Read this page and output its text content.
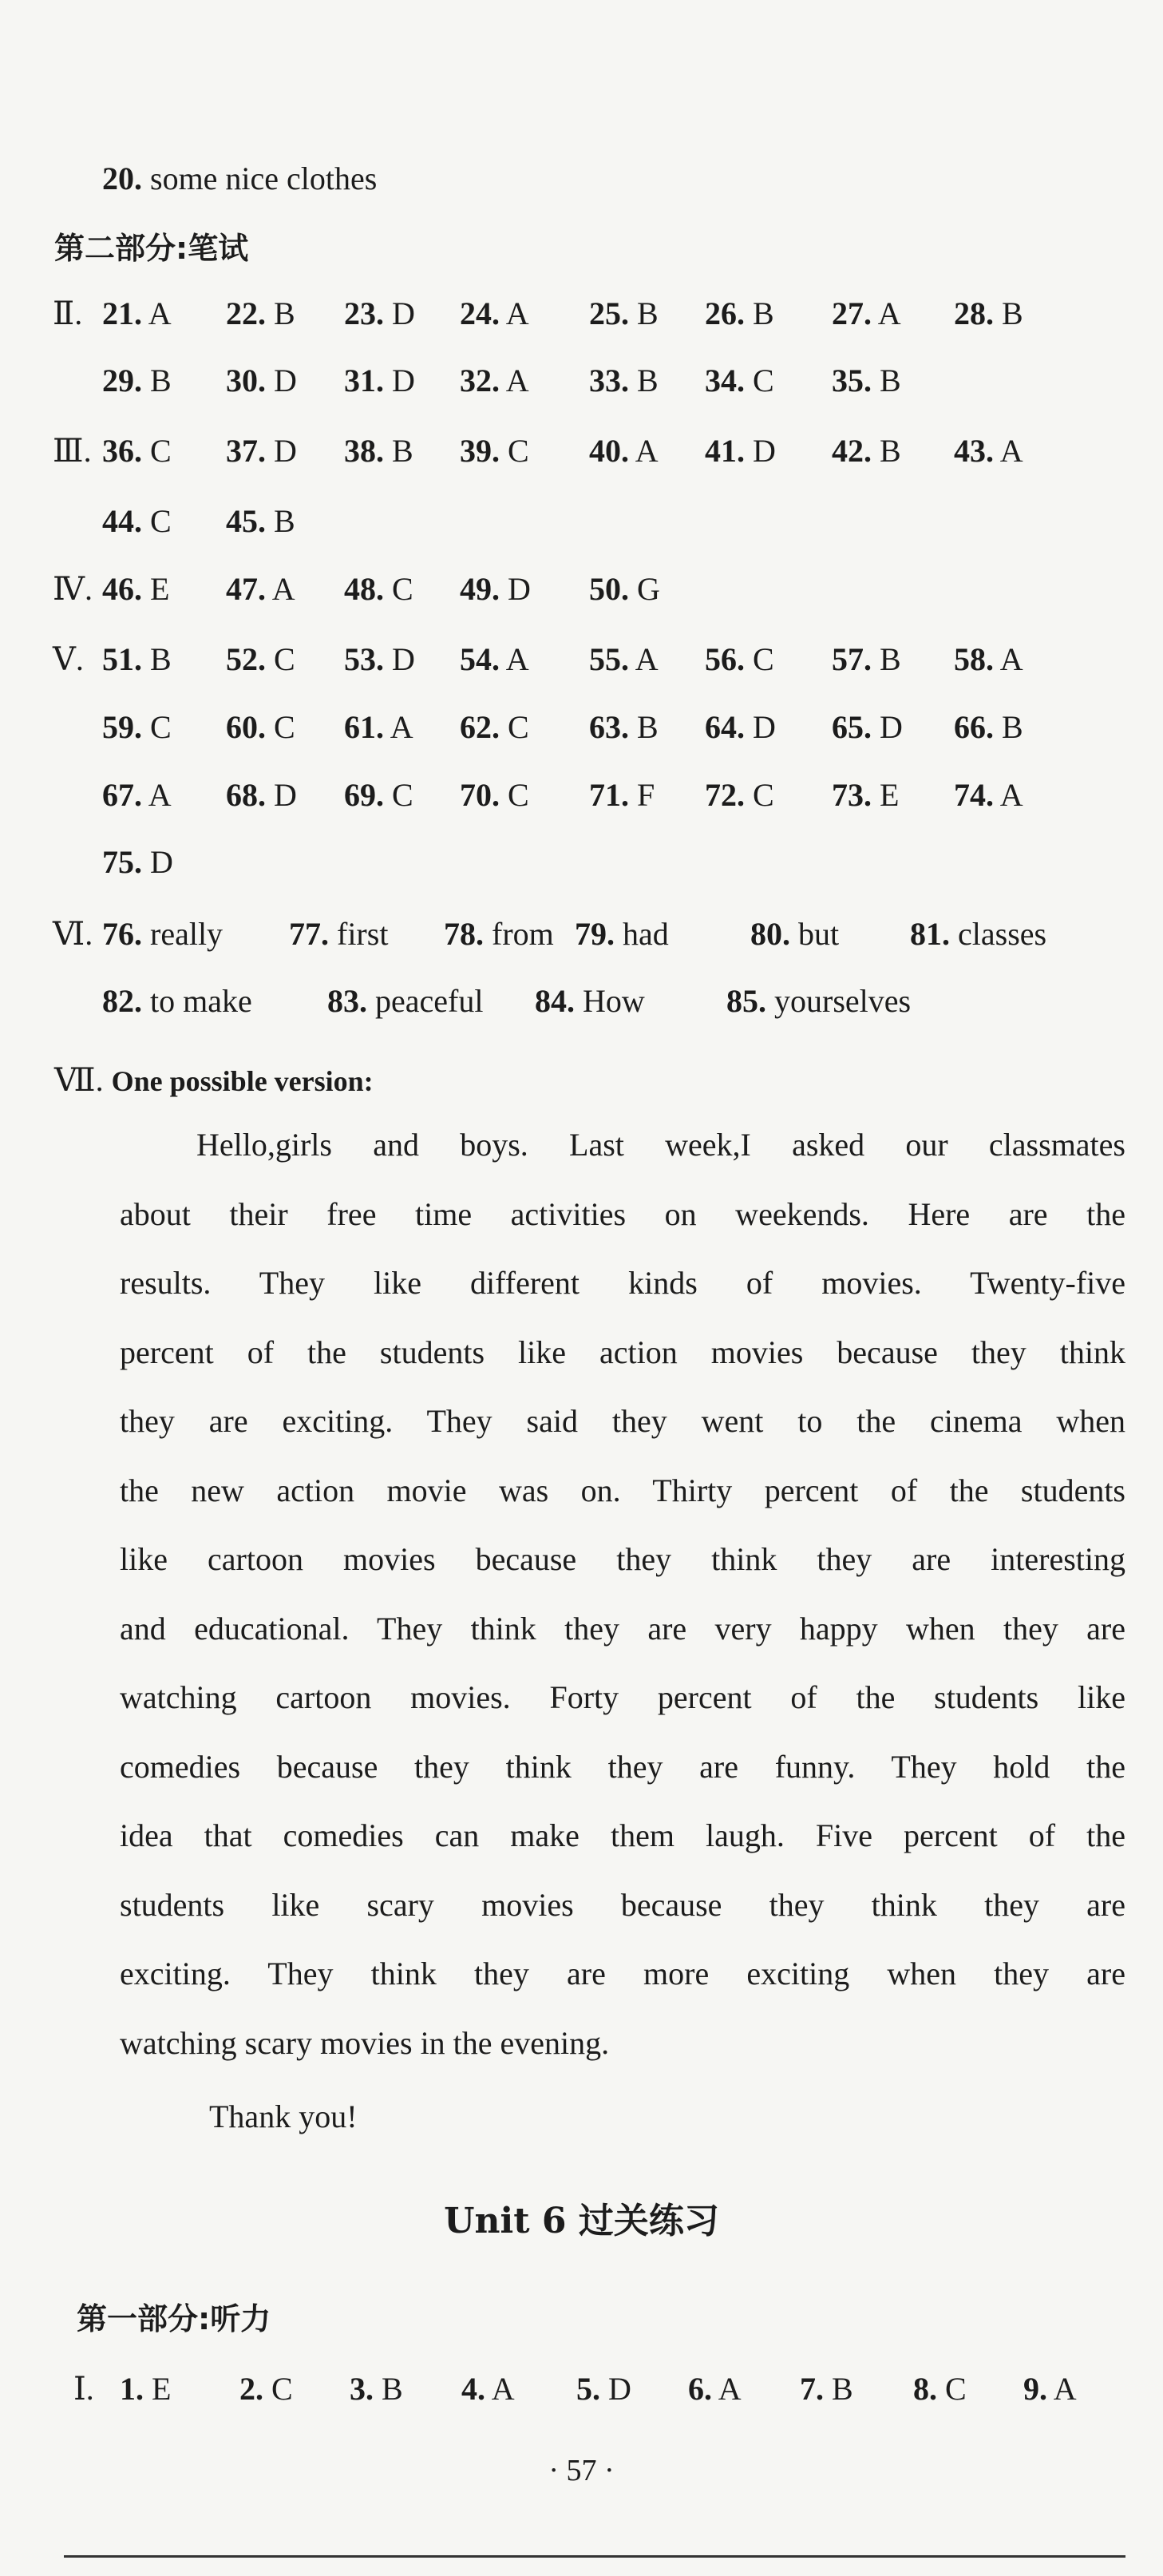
20. some nice clothes
第二部分:笔试
Ⅱ. 21. A 22. B 23. D 24. A 25. B 26. B 27. A 28. B
29. B 30. D 31. D 32. A 33. B 34. C 35. B
Ⅲ. 36. C 37. D 38. B 39. C 40. A 41. D 42. B 43. A
44. C 45. B
Ⅳ. 46. E 47. A 48. C 49. D 50. G
Ⅴ. 51. B 52. C 53. D 54. A 55. A 56. C 57. B 58. A
59. C 60. C 61. A 62. C 63. B 64. D 65. D 66. B
67. A 68. D 69. C 70. C 71. F 72. C 73. E 74. A
75. D
Ⅵ. 76. really 77. first 78. from 79. had	80. but 81. classes
82. to make 83. peaceful 84. How	85. yourselves
Ⅶ. One possible version:
Hello,girls and boys. Last week,I asked our classmates
about their free time activities on weekends. Here are the
results. They like different kinds of movies. Twenty-five
percent of the students like action movies because they think
they are exciting. They said they went to the cinema when
the new action movie was on. Thirty percent of the students
like cartoon movies because they think they are interesting
and educational. They think they are very happy when they are
watching cartoon movies. Forty percent of the students like
comedies because they think they are funny. They hold the
idea that comedies can make them laugh. Five percent of the
students like scary movies because they think they are
exciting. They think they are more exciting when they are
watching scary movies in the evening.
Thank you!
Unit 6 过关练习
第一部分:听力
Ⅰ. 1. E 2. C 3. B 4. A 5. D 6. A 7. B 8. C 9. A
· 57 ·
